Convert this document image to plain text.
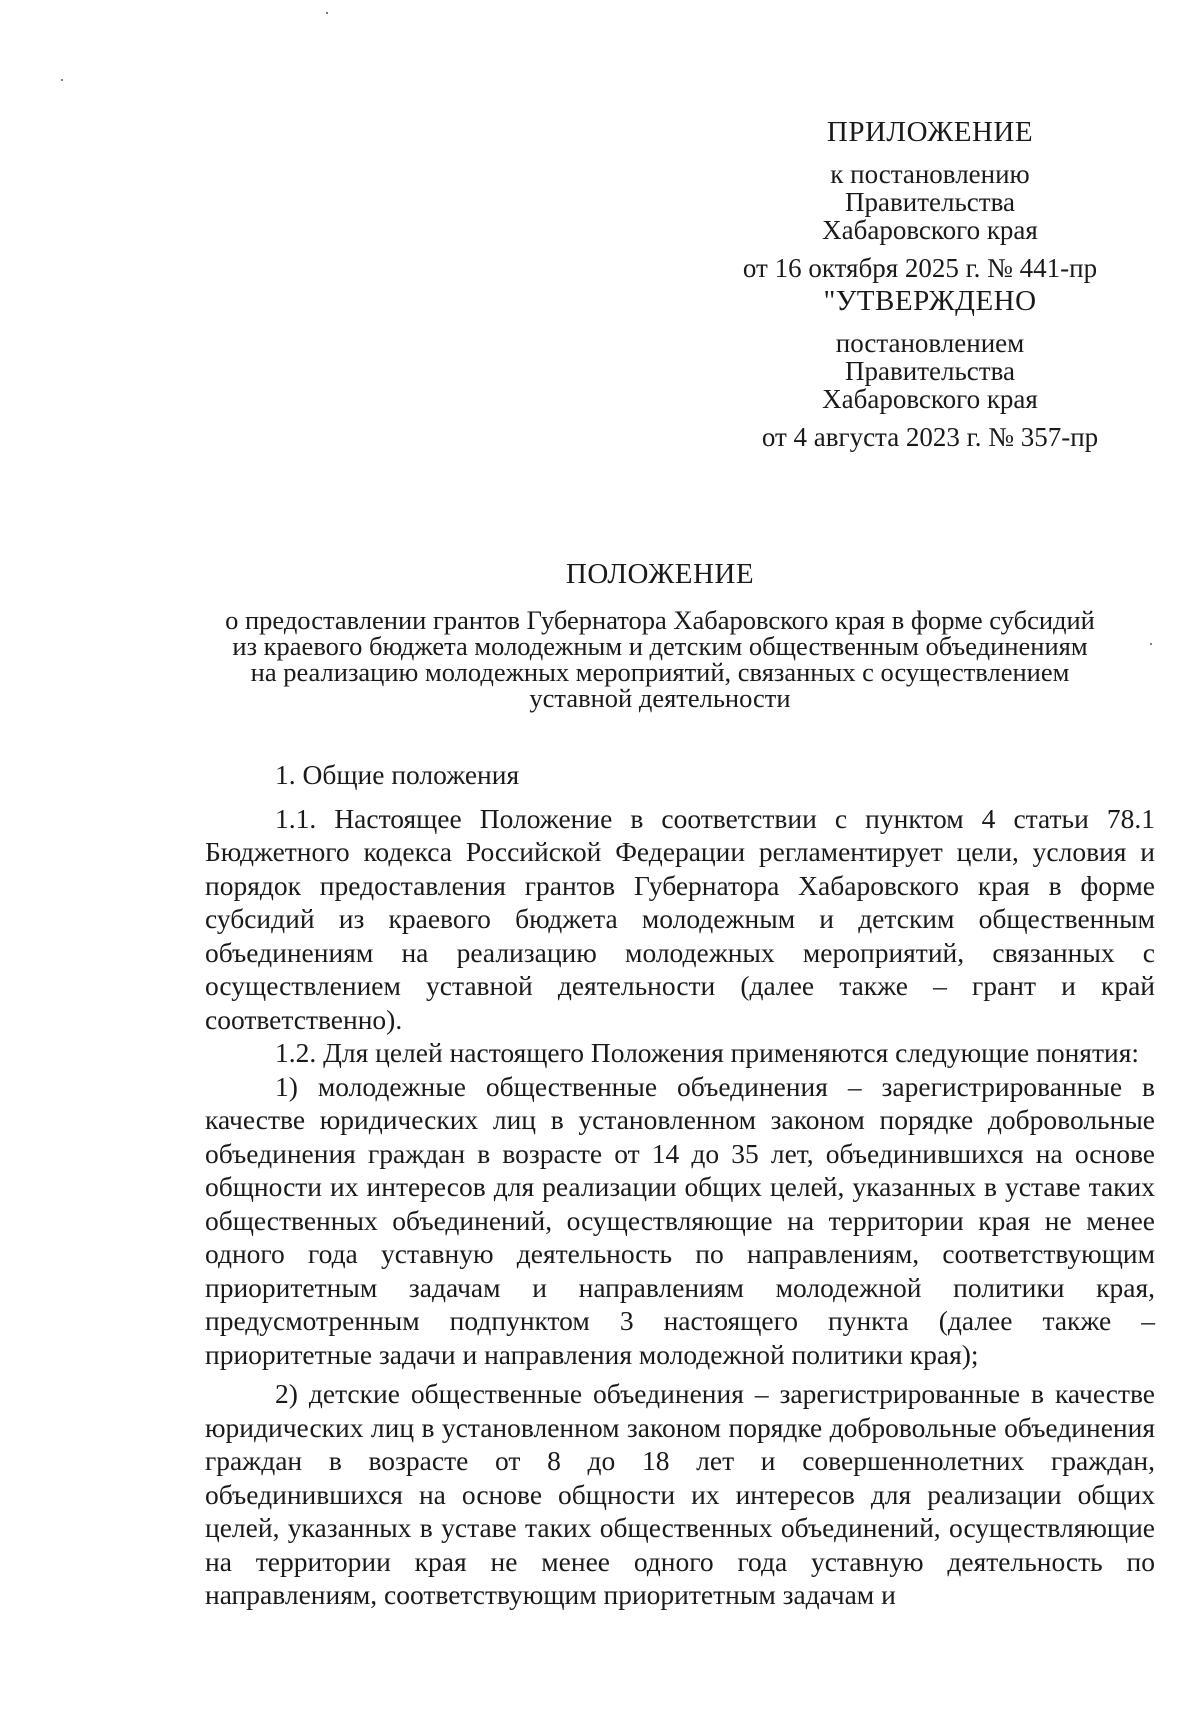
ПРИЛОЖЕНИЕ
к постановлению
Правительства
Хабаровского края
от 16 октября 2025 г. № 441-пр
"УТВЕРЖДЕНО
постановлением
Правительства
Хабаровского края
от 4 августа 2023 г. № 357-пр
ПОЛОЖЕНИЕ
о предоставлении грантов Губернатора Хабаровского края в форме субсидий
из краевого бюджета молодежным и детским общественным объединениям
на реализацию молодежных мероприятий, связанных с осуществлением
уставной деятельности

1. Общие положения

1.1. Настоящее Положение в соответствии с пунктом 4 статьи 78.1 Бюджетного кодекса Российской Федерации регламентирует цели, условия и порядок предоставления грантов Губернатора Хабаровского края в форме субсидий из краевого бюджета молодежным и детским общественным объединениям на реализацию молодежных мероприятий, связанных с осуществлением уставной деятельности (далее также – грант и край соответственно).

1.2. Для целей настоящего Положения применяются следующие понятия:

1) молодежные общественные объединения – зарегистрированные в качестве юридических лиц в установленном законом порядке добровольные объединения граждан в возрасте от 14 до 35 лет, объединившихся на основе общности их интересов для реализации общих целей, указанных в уставе таких общественных объединений, осуществляющие на территории края не менее одного года уставную деятельность по направлениям, соответствующим приоритетным задачам и направлениям молодежной политики края, предусмотренным подпунктом 3 настоящего пункта (далее также – приоритетные задачи и направления молодежной политики края);

2) детские общественные объединения – зарегистрированные в качестве юридических лиц в установленном законом порядке добровольные объединения граждан в возрасте от 8 до 18 лет и совершеннолетних граждан, объединившихся на основе общности их интересов для реализации общих целей, указанных в уставе таких общественных объединений, осуществляющие на территории края не менее одного года уставную деятельность по направлениям, соответствующим приоритетным задачам и
